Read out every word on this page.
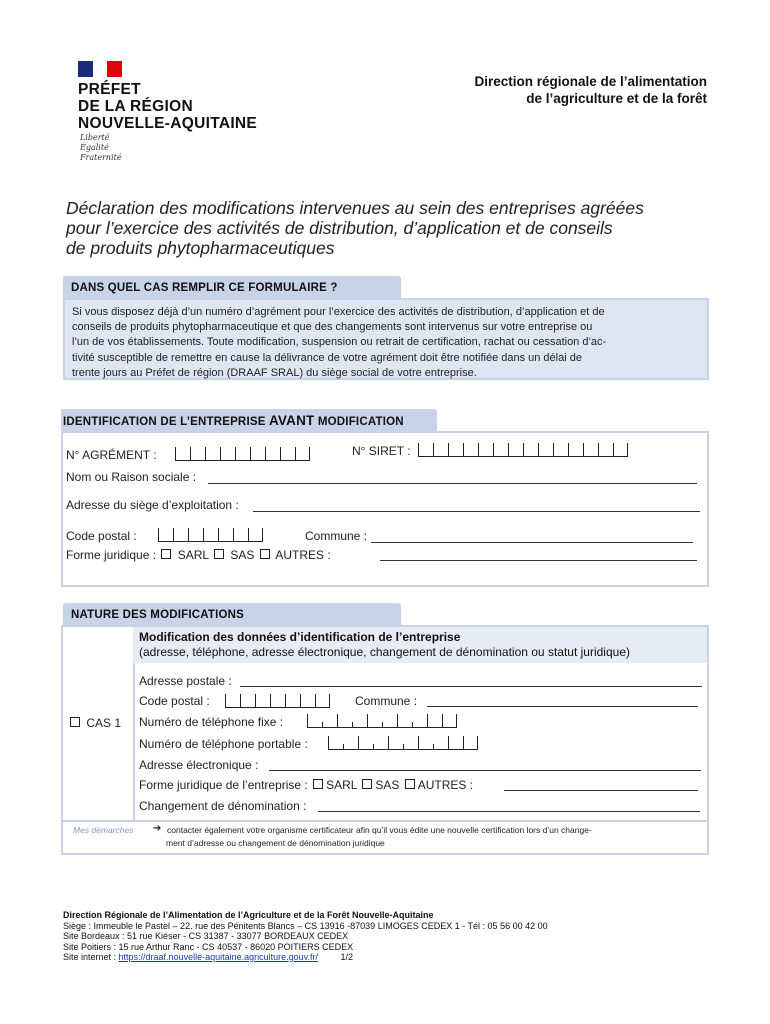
PRÉFET
DE LA RÉGION
NOUVELLE-AQUITAINE
Liberté
Égalité
Fraternité
Direction régionale de l’alimentation
de l’agriculture et de la forêt
Déclaration des modifications intervenues au sein des entreprises agréées
pour l’exercice des activités de distribution, d’application et de conseils
de produits phytopharmaceutiques
DANS QUEL CAS REMPLIR CE FORMULAIRE ?
Si vous disposez déjà d’un numéro d’agrément pour l’exercice des activités de distribution, d’application et de
conseils de produits phytopharmaceutique et que des changements sont intervenus sur votre entreprise ou
l’un de vos établissements. Toute modification, suspension ou retrait de certification, rachat ou cessation d’ac-
tivité susceptible de remettre en cause la délivrance de votre agrément doit être notifiée dans un délai de
trente jours au Préfet de région (DRAAF SRAL) du siège social de votre entreprise.
IDENTIFICATION DE L’ENTREPRISE AVANT MODIFICATION
N° AGRÉMENT :	N° SIRET :
Nom ou Raison sociale :
Adresse du siège d’exploitation :
Code postal :	Commune :
Forme juridique : SARL SAS AUTRES :
NATURE DES MODIFICATIONS
Modification des données d’identification de l’entreprise
(adresse, téléphone, adresse électronique, changement de dénomination ou statut juridique)
CAS 1
Adresse postale :
Code postal :	Commune :
Numéro de téléphone fixe :
Numéro de téléphone portable :
Adresse électronique :
Forme juridique de l’entreprise : SARL SAS AUTRES :
Changement de dénomination :
Mes démarches ➔ contacter également votre organisme certificateur afin qu’il vous édite une nouvelle certification lors d’un change-
ment d’adresse ou changement de dénomination juridique
Direction Régionale de l’Alimentation de l’Agriculture et de la Forêt Nouvelle-Aquitaine
Siège : Immeuble le Pastel – 22. rue des Pénitents Blancs – CS 13916 -87039 LIMOGES CEDEX 1 - Tél : 05 56 00 42 00
Site Bordeaux : 51 rue Kiéser - CS 31387 - 33077 BORDEAUX CEDEX
Site Poitiers : 15 rue Arthur Ranc - CS 40537 - 86020 POITIERS CEDEX
Site internet : https://draaf.nouvelle-aquitaine.agriculture.gouv.fr/	1/2
